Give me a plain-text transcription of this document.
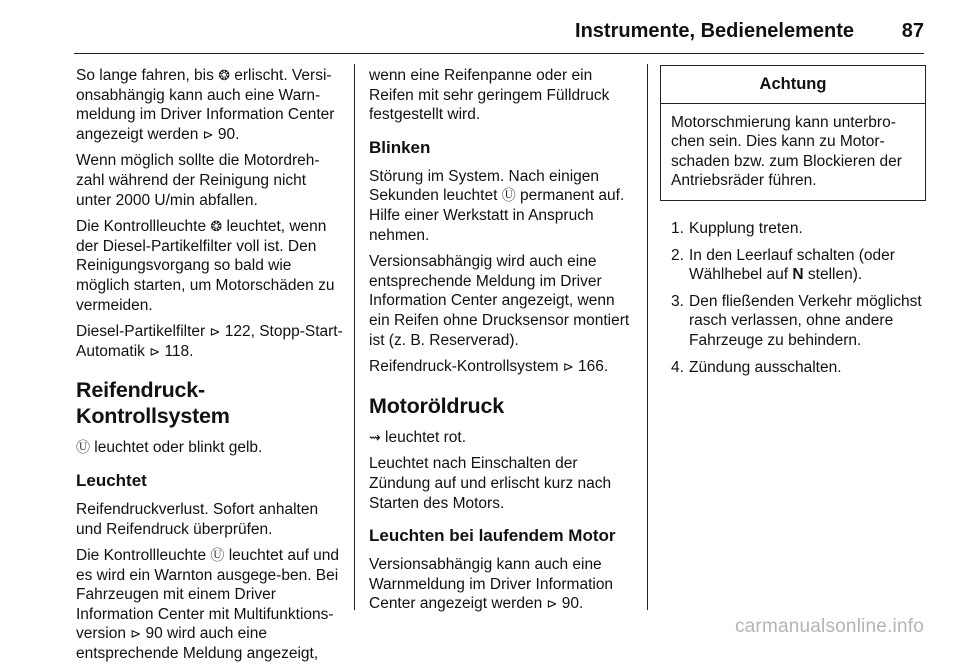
Instrumente, Bedienelemente 87

So lange fahren, bis ❂ erlischt. Versi-onsabhängig kann auch eine Warn-meldung im Driver Information Center angezeigt werden ⊳ 90.

Wenn möglich sollte die Motordreh-zahl während der Reinigung nicht unter 2000 U/min abfallen.

Die Kontrollleuchte ❂ leuchtet, wenn der Diesel-Partikelfilter voll ist. Den Reinigungsvorgang so bald wie möglich starten, um Motorschäden zu vermeiden.

Diesel-Partikelfilter ⊳ 122, Stopp-Start-Automatik ⊳ 118.

Reifendruck-Kontrollsystem

Ⓤ leuchtet oder blinkt gelb.

Leuchtet

Reifendruckverlust. Sofort anhalten und Reifendruck überprüfen.

Die Kontrollleuchte Ⓤ leuchtet auf und es wird ein Warnton ausgege-ben. Bei Fahrzeugen mit einem Driver Information Center mit Multifunktions-version ⊳ 90 wird auch eine entsprechende Meldung angezeigt,

wenn eine Reifenpanne oder ein Reifen mit sehr geringem Fülldruck festgestellt wird.

Blinken

Störung im System. Nach einigen Sekunden leuchtet Ⓤ permanent auf. Hilfe einer Werkstatt in Anspruch nehmen.

Versionsabhängig wird auch eine entsprechende Meldung im Driver Information Center angezeigt, wenn ein Reifen ohne Drucksensor montiert ist (z. B. Reserverad).

Reifendruck-Kontrollsystem ⊳ 166.

Motoröldruck

⇝ leuchtet rot.

Leuchtet nach Einschalten der Zündung auf und erlischt kurz nach Starten des Motors.

Leuchten bei laufendem Motor

Versionsabhängig kann auch eine Warnmeldung im Driver Information Center angezeigt werden ⊳ 90.

Achtung
Motorschmierung kann unterbro-chen sein. Dies kann zu Motor-schaden bzw. zum Blockieren der Antriebsräder führen.
1. Kupplung treten.
2. In den Leerlauf schalten (oder Wählhebel auf N stellen).
3. Den fließenden Verkehr möglichst rasch verlassen, ohne andere Fahrzeuge zu behindern.
4. Zündung ausschalten.
carmanualsonline.info
